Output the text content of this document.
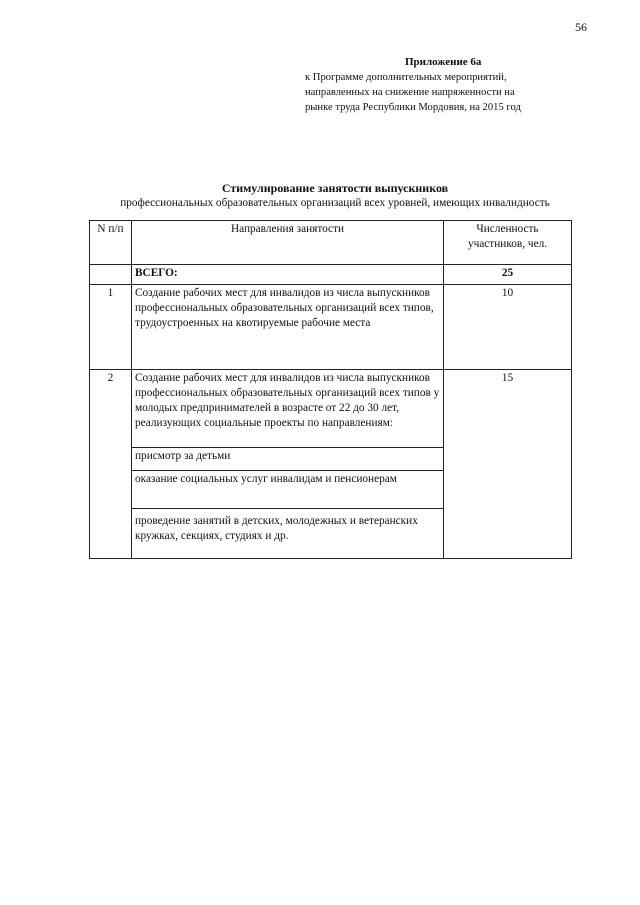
56
Приложение 6а
к Программе дополнительных мероприятий,
направленных на снижение напряженности на
рынке труда Республики Мордовия, на 2015 год
Стимулирование занятости выпускников
профессиональных образовательных организаций всех уровней, имеющих инвалидность
N п/п	Направления занятости	Численность участников, чел.
	ВСЕГО:	25
1	Создание рабочих мест для инвалидов из числа выпускников профессиональных образовательных организаций всех типов, трудоустроенных на квотируемые рабочие места	10
2	Создание рабочих мест для инвалидов из числа выпускников профессиональных образовательных организаций всех типов у молодых предпринимателей в возрасте от 22 до 30 лет, реализующих социальные проекты по направлениям:	15
	присмотр за детьми	
	оказание социальных услуг инвалидам и пенсионерам	
	проведение занятий в детских, молодежных и ветеранских кружках, секциях, студиях и др.	
